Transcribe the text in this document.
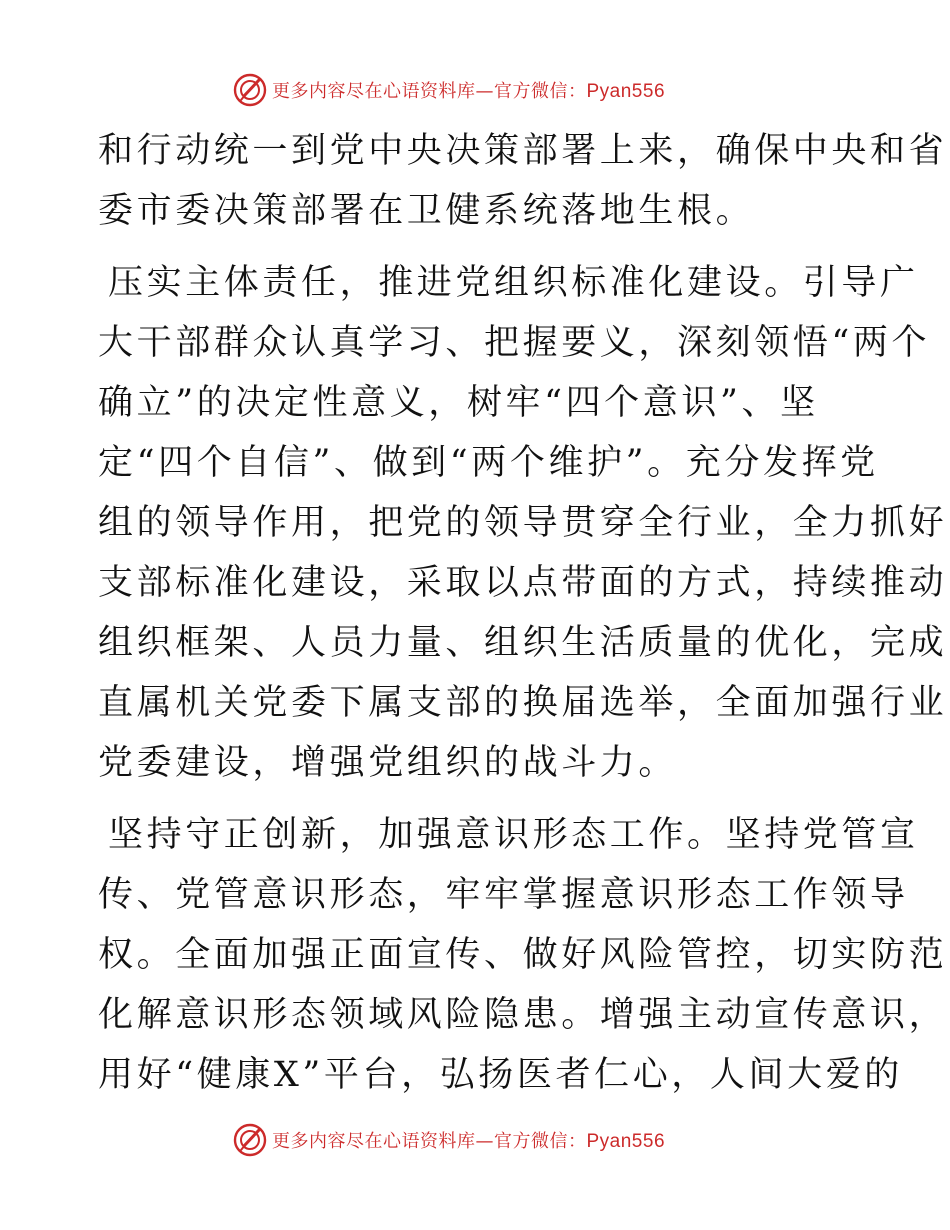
更多内容尽在心语资料库—官方微信：Pyan556
和行动统一到党中央决策部署上来，确保中央和省
委市委决策部署在卫健系统落地生根。
压实主体责任，推进党组织标准化建设。引导广
大干部群众认真学习、把握要义，深刻领悟“两个
确立”的决定性意义，树牢“四个意识”、坚
定“四个自信”、做到“两个维护”。充分发挥党
组的领导作用，把党的领导贯穿全行业，全力抓好
支部标准化建设，采取以点带面的方式，持续推动
组织框架、人员力量、组织生活质量的优化，完成
直属机关党委下属支部的换届选举，全面加强行业
党委建设，增强党组织的战斗力。
坚持守正创新，加强意识形态工作。坚持党管宣
传、党管意识形态，牢牢掌握意识形态工作领导
权。全面加强正面宣传、做好风险管控，切实防范
化解意识形态领域风险隐患。增强主动宣传意识，
用好“健康X”平台，弘扬医者仁心，人间大爱的
更多内容尽在心语资料库—官方微信：Pyan556
